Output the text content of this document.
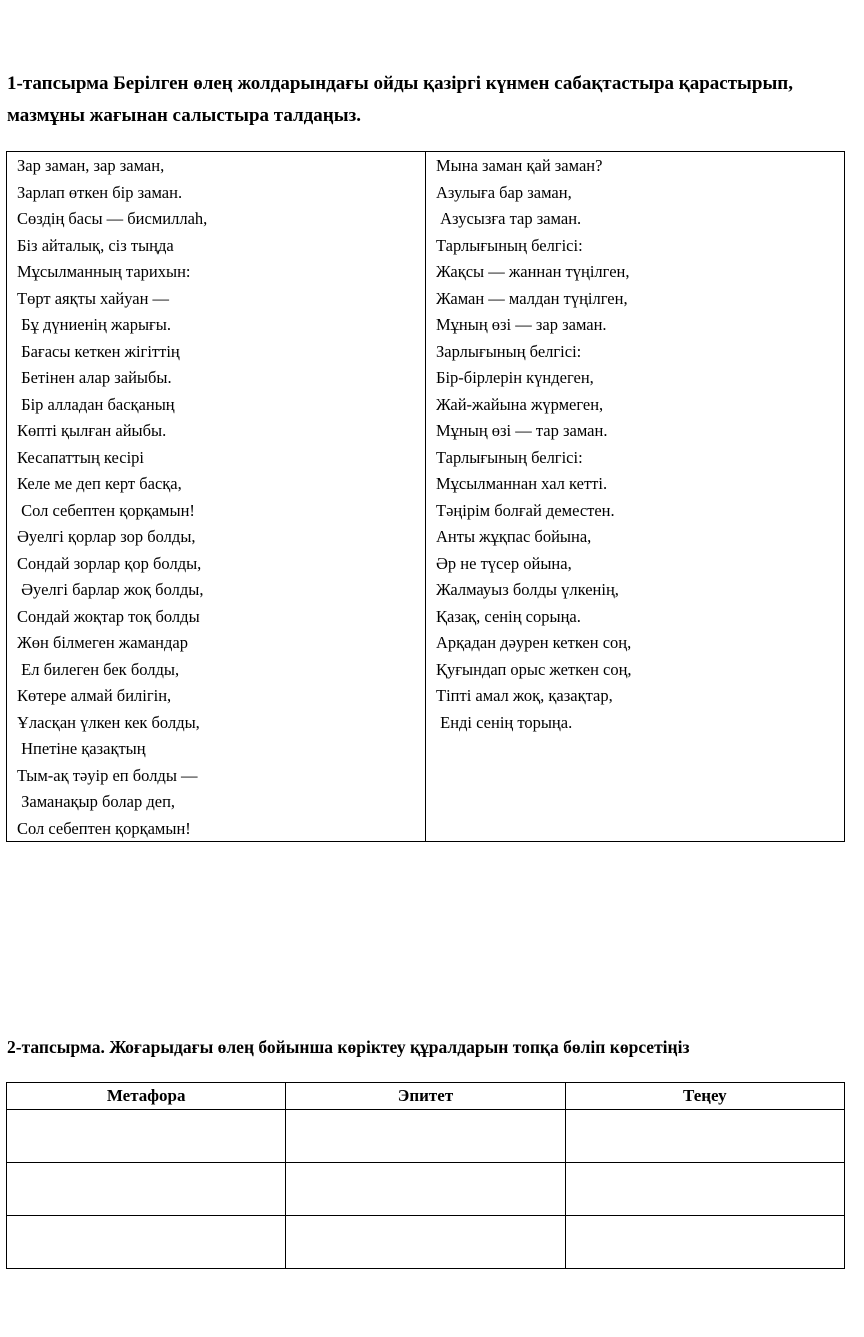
1-тапсырма Берілген өлең жолдарындағы ойды қазіргі күнмен сабақтастыра қарастырып,
мазмұны жағынан салыстыра талдаңыз.
Зар заман, зар заман,
Зарлап өткен бір заман.
Сөздің басы — бисмиллаһ,
Біз айталық, сіз тыңда
Мұсылманның тарихын:
Төрт аяқты хайуан —
Бұ дүниенің жарығы.
Бағасы кеткен жігіттің
Бетінен алар зайыбы.
Бір алладан басқаның
Көпті қылған айыбы.
Кесапаттың кесірі
Келе ме деп керт басқа,
Сол себептен қорқамын!
Әуелгі қорлар зор болды,
Сондай зорлар қор болды,
Әуелгі барлар жоқ болды,
Сондай жоқтар тоқ болды
Жөн білмеген жамандар
Ел билеген бек болды,
Көтере алмай билігін,
Ұласқан үлкен кек болды,
Нпетіне қазақтың
Тым-ақ тәуір еп болды —
Заманақыр болар деп,
Сол себептен қорқамын!
Мына заман қай заман?
Азулыға бар заман,
Азусызға тар заман.
Тарлығының белгісі:
Жақсы — жаннан түңілген,
Жаман — малдан түңілген,
Мұның өзі — зар заман.
Зарлығының белгісі:
Бір-бірлерін күндеген,
Жай-жайына жүрмеген,
Мұның өзі — тар заман.
Тарлығының белгісі:
Мұсылманнан хал кетті.
Тәңірім болғай деместен.
Анты жұқпас бойына,
Әр не түсер ойына,
Жалмауыз болды үлкенің,
Қазақ, сенің сорыңа.
Арқадан дәурен кеткен соң,
Қуғындап орыс жеткен соң,
Тіпті амал жоқ, қазақтар,
Енді сенің торыңа.
2-тапсырма. Жоғарыдағы өлең бойынша көріктеу құралдарын топқа бөліп көрсетіңіз
Метафора	Эпитет	Теңеу
